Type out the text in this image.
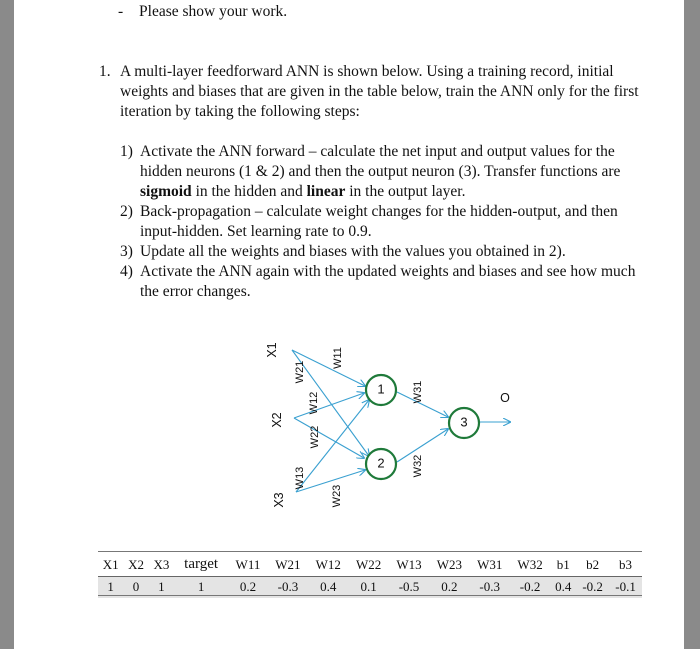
- Please show your work.
1. A multi-layer feedforward ANN is shown below. Using a training record, initial
weights and biases that are given in the table below, train the ANN only for the first
iteration by taking the following steps:
1) Activate the ANN forward – calculate the net input and output values for the
hidden neurons (1 & 2) and then the output neuron (3). Transfer functions are
sigmoid in the hidden and linear in the output layer.
2) Back-propagation – calculate weight changes for the hidden-output, and then
input-hidden. Set learning rate to 0.9.
3) Update all the weights and biases with the values you obtained in 2).
4) Activate the ANN again with the updated weights and biases and see how much
the error changes.
1
2
3
X1
X2
X3
O
W11
W21
W12
W22
W13
W23
W31
W32
X1	X2	X3	target	W11	W21	W12	W22	W13	W23	W31	W32	b1	b2	b3
1	0	1	1	0.2	-0.3	0.4	0.1	-0.5	0.2	-0.3	-0.2	0.4	-0.2	-0.1
